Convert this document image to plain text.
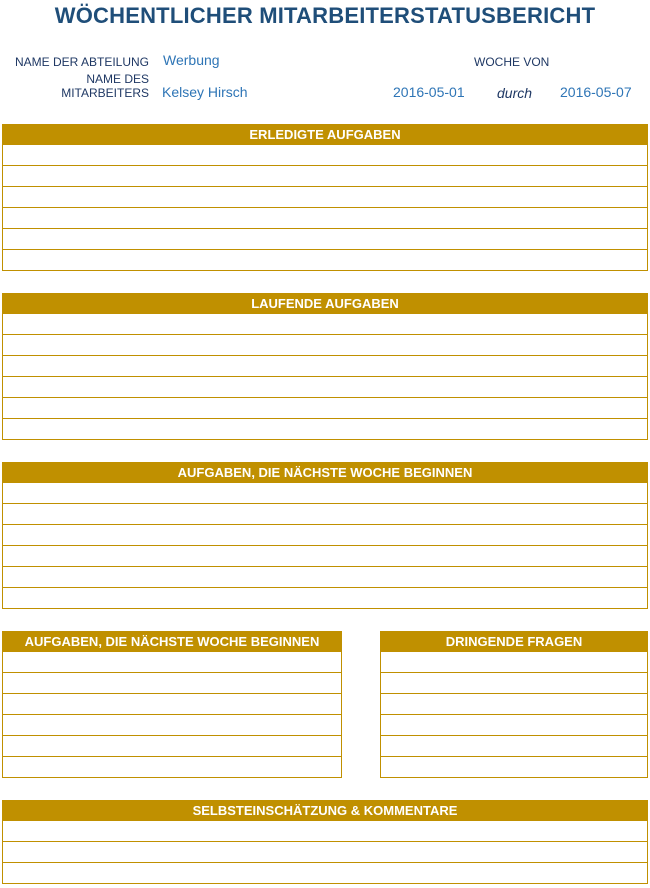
WÖCHENTLICHER MITARBEITERSTATUSBERICHT
NAME DER ABTEILUNG Werbung
NAME DES
MITARBEITERS Kelsey Hirsch
WOCHE VON
2016-05-01 durch 2016-05-07
ERLEDIGTE AUFGABEN
LAUFENDE AUFGABEN
AUFGABEN, DIE NÄCHSTE WOCHE BEGINNEN
AUFGABEN, DIE NÄCHSTE WOCHE BEGINNEN	DRINGENDE FRAGEN
SELBSTEINSCHÄTZUNG & KOMMENTARE
